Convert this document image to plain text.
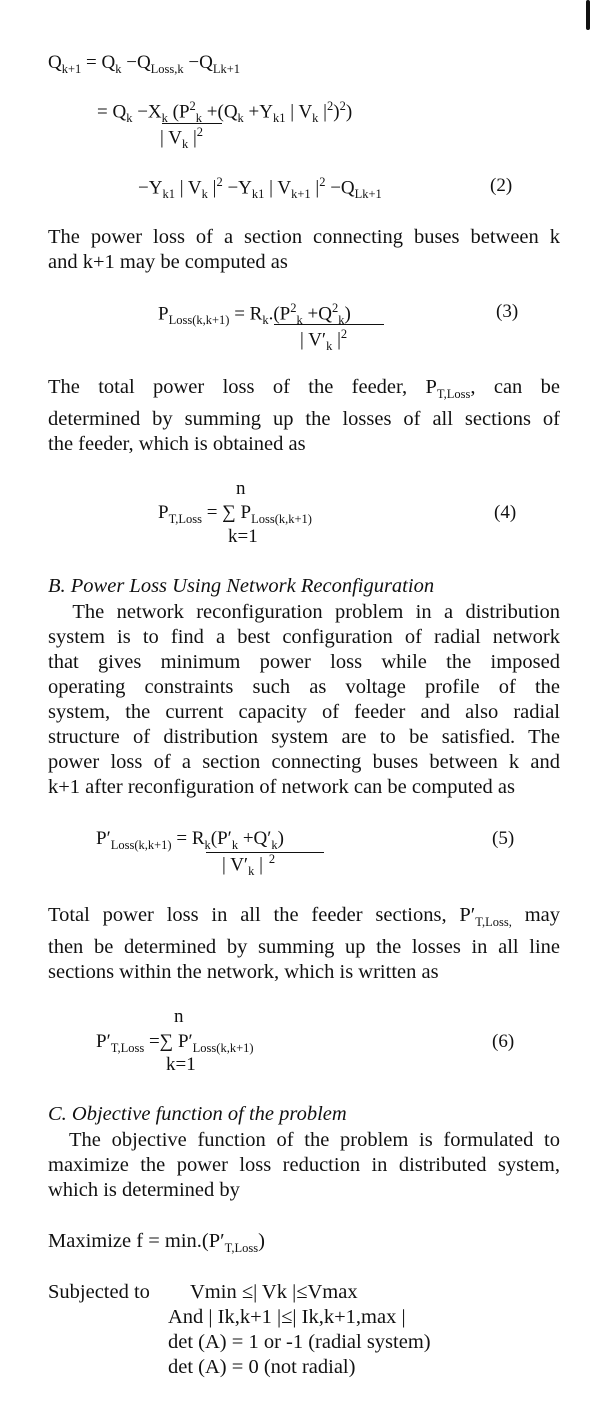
$Q_{k+1} = Q_k -Q_{Loss,k} -Q_{Lk+1}$
= $Q_k -X_k$ ($P^2_k +(Q_k +Y_{k1}$ | $V_k$ $|^2)^2$)
| $V_k$ $|^2$
$-Y_{k1}$ | $V_k$ $|^2 -Y_{k1}$ | $V_{k+1}$ $|^2 -Q_{Lk+1}$	(2)
The power loss of a section connecting buses between k
and k+1 may be computed as
$P_{Loss(k,k+1)} = R_k.(P^2_k +Q^2_k)$
| $V'_k$ $|^2$
(3)
The total power loss of the feeder, $P_{T,Loss}$, can be
determined by summing up the losses of all sections of
the feeder, which is obtained as
n
$P_{T,Loss}$ = ∑ $P_{Loss(k,k+1)}$
k=1
(4)
B. Power Loss Using Network Reconfiguration
The network reconfiguration problem in a distribution
system is to find a best configuration of radial network
that gives minimum power loss while the imposed
operating constraints such as voltage profile of the
system, the current capacity of feeder and also radial
structure of distribution system are to be satisfied. The
power loss of a section connecting buses between k and
k+1 after reconfiguration of network can be computed as
$P'_{Loss(k,k+1)} = R_k(P'_k +Q'_k)$
| $V'_k$ | $^2$
(5)
Total power loss in all the feeder sections, $P'_{T,Loss,}$ may
then be determined by summing up the losses in all line
sections within the network, which is written as
n
$P'_{T,Loss}$ =∑ $P'_{Loss(k,k+1)}$
k=1
(6)
C. Objective function of the problem
The objective function of the problem is formulated to
maximize the power loss reduction in distributed system,
which is determined by
Maximize $f = \min.(P'_{T,Loss})$
Subjected to Vmin ≤| Vk |≤Vmax
And | Ik,k+1 |≤| Ik,k+1,max |
det (A) = 1 or -1 (radial system)
det (A) = 0 (not radial)
